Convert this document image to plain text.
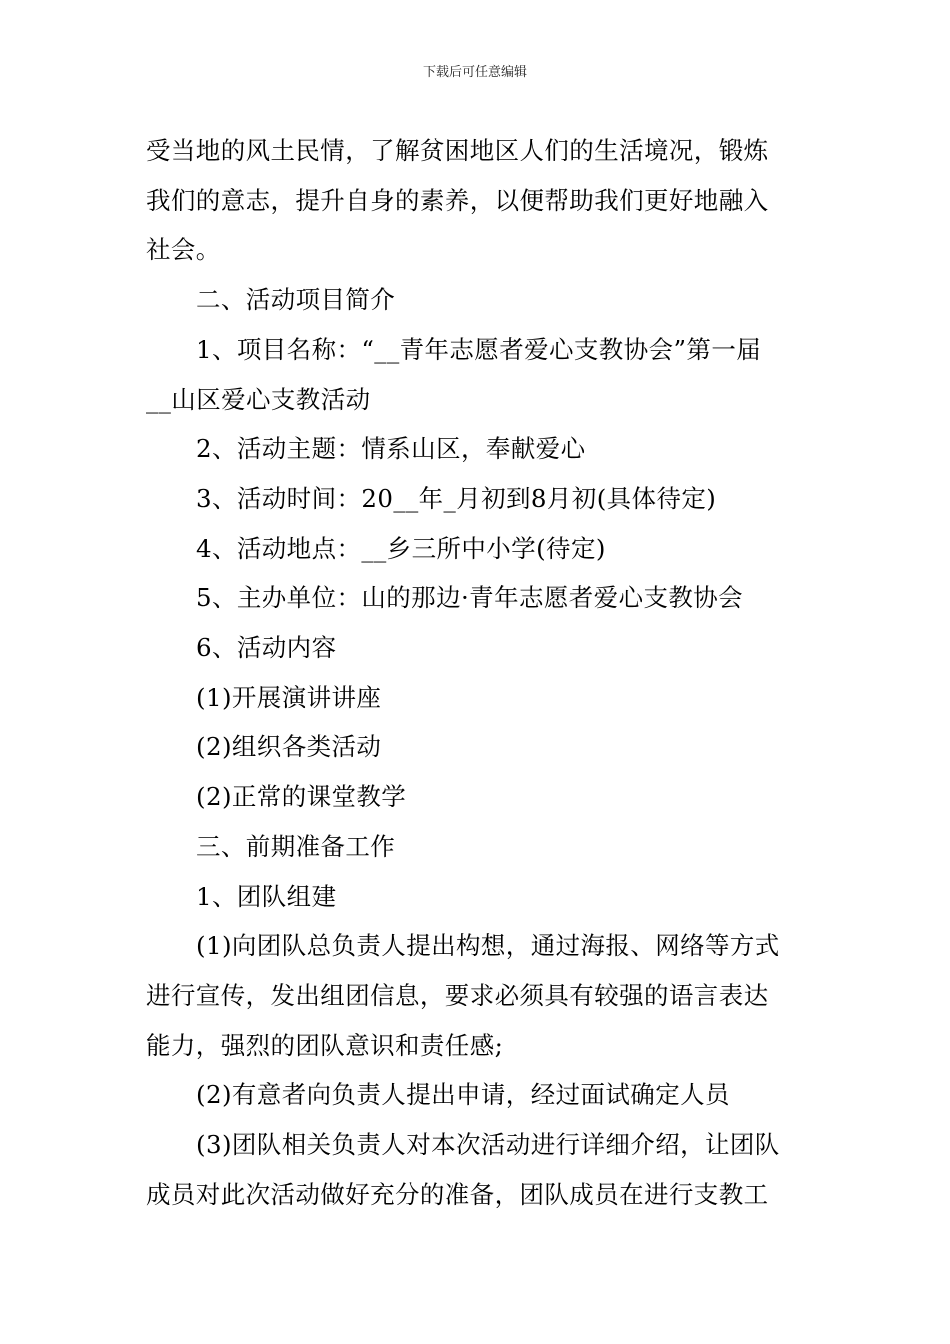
下载后可任意编辑

受当地的风土民情，了解贫困地区人们的生活境况，锻炼

我们的意志，提升自身的素养，以便帮助我们更好地融入

社会。

二、活动项目简介

1、项目名称：“__青年志愿者爱心支教协会”第一届

__山区爱心支教活动

2、活动主题：情系山区，奉献爱心

3、活动时间：20__年_月初到8月初(具体待定)

4、活动地点：__乡三所中小学(待定)

5、主办单位：山的那边·青年志愿者爱心支教协会

6、活动内容

(1)开展演讲讲座

(2)组织各类活动

(2)正常的课堂教学

三、前期准备工作

1、团队组建

(1)向团队总负责人提出构想，通过海报、网络等方式

进行宣传，发出组团信息，要求必须具有较强的语言表达

能力，强烈的团队意识和责任感;

(2)有意者向负责人提出申请，经过面试确定人员

(3)团队相关负责人对本次活动进行详细介绍，让团队

成员对此次活动做好充分的准备，团队成员在进行支教工
